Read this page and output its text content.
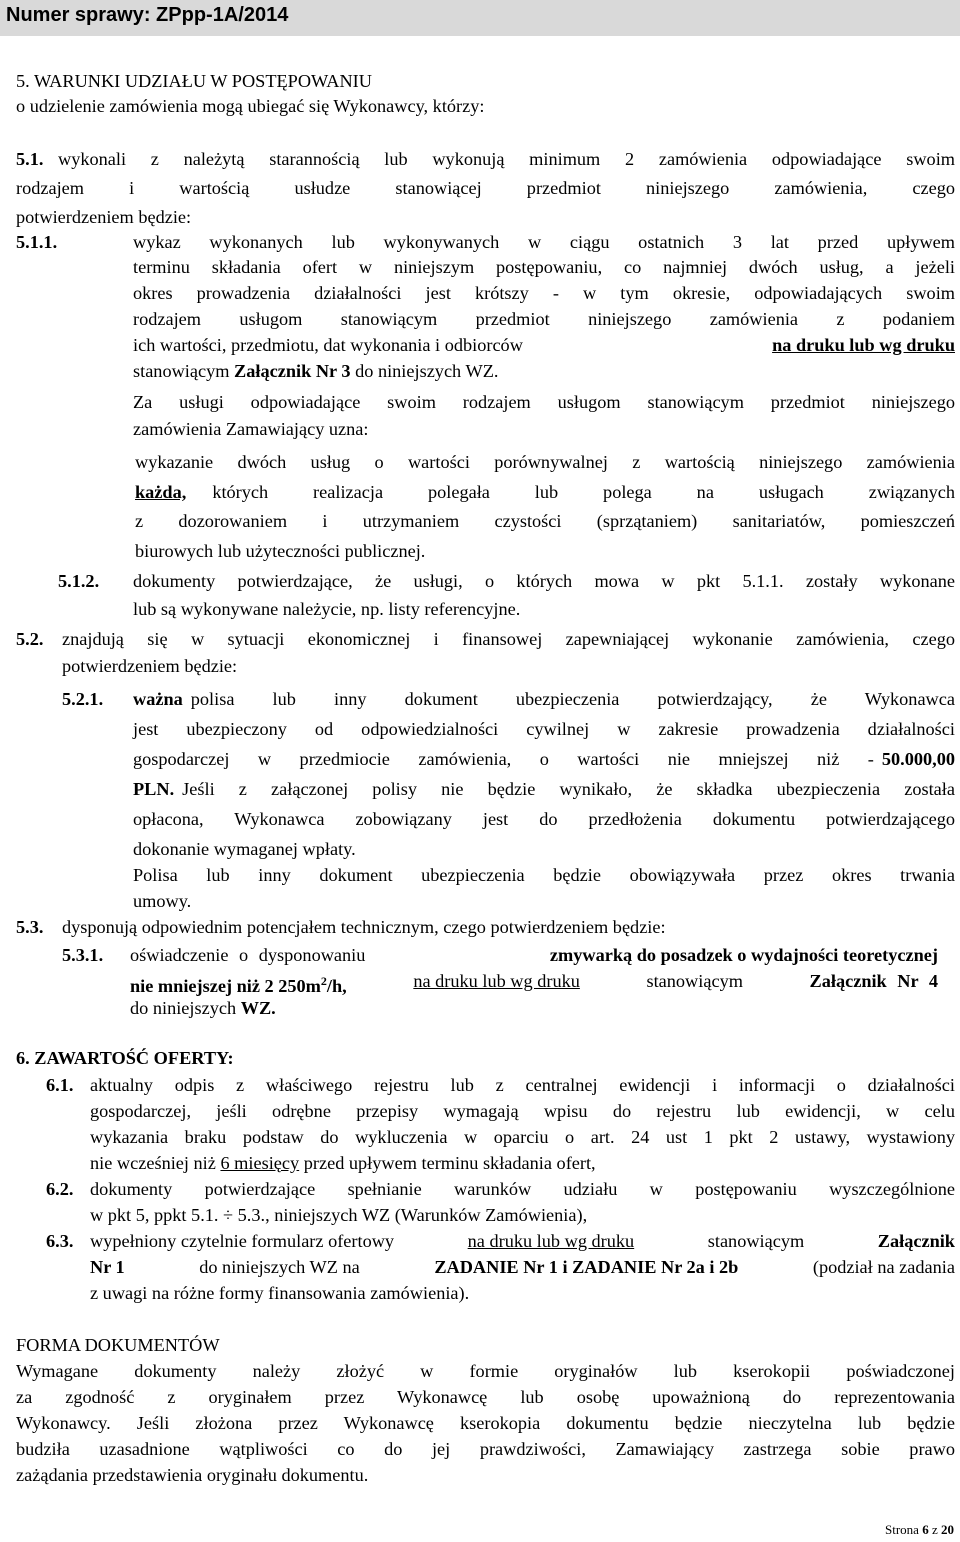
Numer sprawy: ZPpp-1A/2014
5. WARUNKI UDZIAŁU W POSTĘPOWANIU
o udzielenie zamówienia mogą ubiegać się Wykonawcy, którzy:
5.1. wykonali z należytą starannością lub wykonują minimum 2 zamówienia odpowiadające swoim
rodzajem i wartością usłudze stanowiącej przedmiot niniejszego zamówienia, czego
potwierdzeniem będzie:
5.1.1.	wykaz wykonanych lub wykonywanych w ciągu ostatnich 3 lat przed upływem
terminu składania ofert w niniejszym postępowaniu, co najmniej dwóch usług, a jeżeli
okres prowadzenia działalności jest krótszy - w tym okresie, odpowiadających swoim
rodzajem usługom stanowiącym przedmiot niniejszego zamówienia z podaniem
ich wartości, przedmiotu, dat wykonania i odbiorców	na druku lub wg druku
stanowiącym Załącznik Nr 3 do niniejszych WZ.
Za usługi odpowiadające swoim rodzajem usługom stanowiącym przedmiot niniejszego
zamówienia Zamawiający uzna:
wykazanie dwóch usług o wartości porównywalnej z wartością niniejszego zamówienia
każda, których realizacja polegała lub polega na usługach związanych
z dozorowaniem i utrzymaniem czystości (sprzątaniem) sanitariatów, pomieszczeń
biurowych lub użyteczności publicznej.
5.1.2. dokumenty potwierdzające, że usługi, o których mowa w pkt 5.1.1. zostały wykonane
lub są wykonywane należycie, np. listy referencyjne.
5.2. znajdują się w sytuacji ekonomicznej i finansowej zapewniającej wykonanie zamówienia, czego
potwierdzeniem będzie:
5.2.1. ważna polisa lub inny dokument ubezpieczenia potwierdzający, że Wykonawca
jest ubezpieczony od odpowiedzialności cywilnej w zakresie prowadzenia działalności
gospodarczej w przedmiocie zamówienia, o wartości nie mniejszej niż - 50.000,00
PLN. Jeśli z załączonej polisy nie będzie wynikało, że składka ubezpieczenia została
opłacona, Wykonawca zobowiązany jest do przedłożenia dokumentu potwierdzającego
dokonanie wymaganej wpłaty.
Polisa lub inny dokument ubezpieczenia będzie obowiązywała przez okres trwania
umowy.
5.3. dysponują odpowiednim potencjałem technicznym, czego potwierdzeniem będzie:
5.3.1. oświadczenie o dysponowaniu	zmywarką do posadzek o wydajności teoretycznej
nie mniejszej niż 2 $250m^2/h$,	na druku lub wg druku	stanowiącym	Załącznik Nr 4
do niniejszych WZ.
6. ZAWARTOŚĆ OFERTY:
6.1. aktualny odpis z właściwego rejestru lub z centralnej ewidencji i informacji o działalności
gospodarczej, jeśli odrębne przepisy wymagają wpisu do rejestru lub ewidencji, w celu
wykazania braku podstaw do wykluczenia w oparciu o art. 24 ust 1 pkt 2 ustawy, wystawiony
nie wcześniej niż 6 miesięcy przed upływem terminu składania ofert,
6.2. dokumenty potwierdzające spełnianie warunków udziału w postępowaniu wyszczególnione
w pkt 5, ppkt 5.1. ÷ 5.3., niniejszych WZ (Warunków Zamówienia),
6.3. wypełniony czytelnie formularz ofertowy	na druku lub wg druku	stanowiącym	Załącznik
Nr 1	do niniejszych WZ na	ZADANIE Nr 1 i ZADANIE Nr 2a i 2b	(podział na zadania
z uwagi na różne formy finansowania zamówienia).
FORMA DOKUMENTÓW
Wymagane dokumenty należy złożyć w formie oryginałów lub kserokopii poświadczonej
za zgodność z oryginałem przez Wykonawcę lub osobę upoważnioną do reprezentowania
Wykonawcy. Jeśli złożona przez Wykonawcę kserokopia dokumentu będzie nieczytelna lub będzie
budziła uzasadnione wątpliwości co do jej prawdziwości, Zamawiający zastrzega sobie prawo
zażądania przedstawienia oryginału dokumentu.
Strona 6 z 20
